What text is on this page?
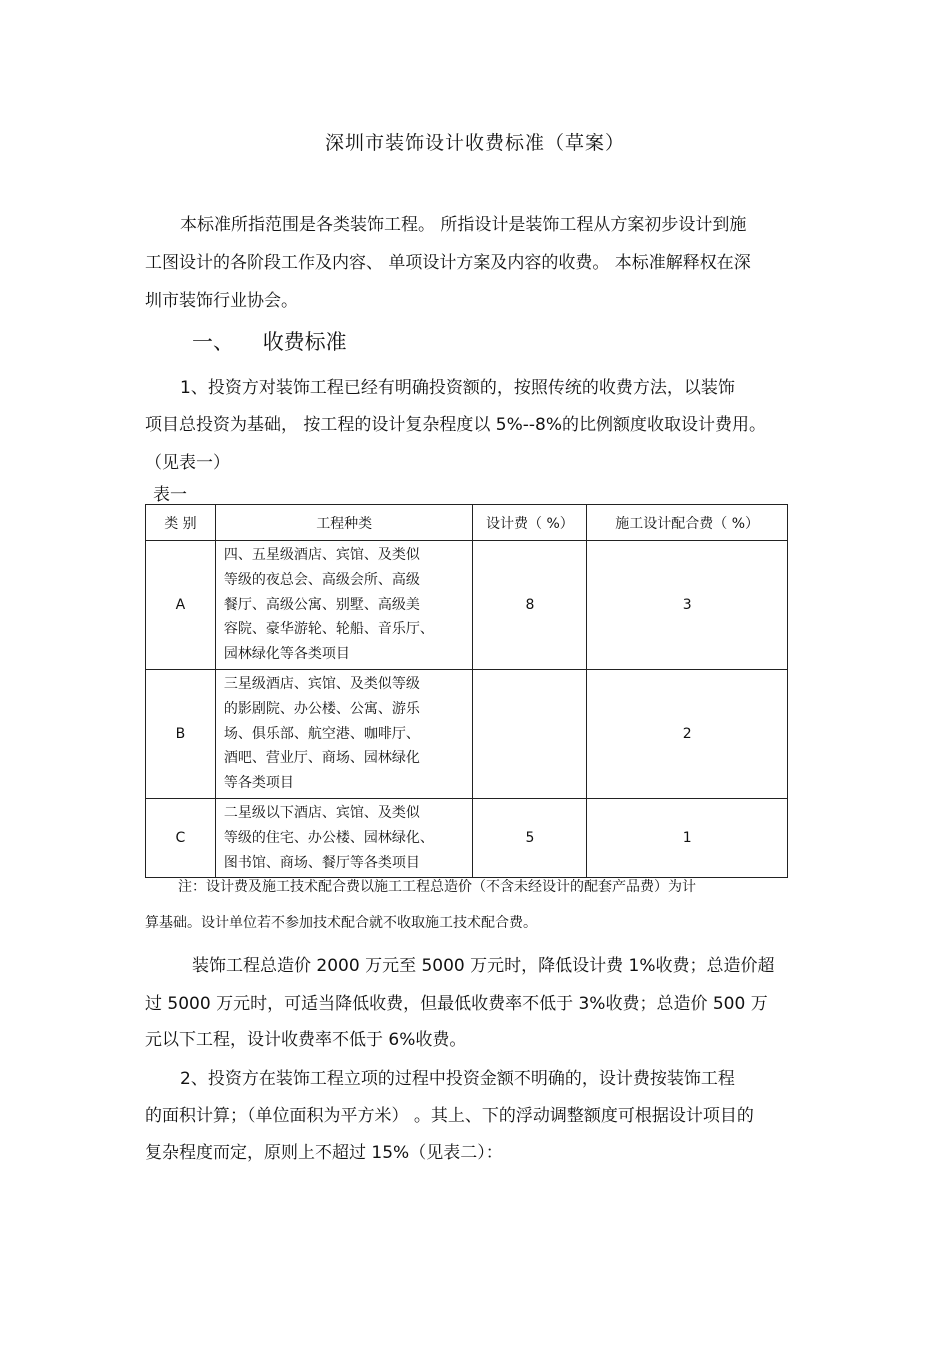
深圳市装饰设计收费标准（草案）
本标准所指范围是各类装饰工程。 所指设计是装饰工程从方案初步设计到施
工图设计的各阶段工作及内容、 单项设计方案及内容的收费。 本标准解释权在深
圳市装饰行业协会。
一、 收费标准
1、投资方对装饰工程已经有明确投资额的，按照传统的收费方法，以装饰
项目总投资为基础， 按工程的设计复杂程度以 5%--8%的比例额度收取设计费用。
（见表一）
表一
类 别	工程种类	设计费（ %）	施工设计配合费（ %）
A	四、五星级酒店、宾馆、及类似
等级的夜总会、高级会所、高级
餐厅、高级公寓、别墅、高级美
容院、豪华游轮、轮船、音乐厅、
园林绿化等各类项目	8	3
B	三星级酒店、宾馆、及类似等级
的影剧院、办公楼、公寓、游乐
场、俱乐部、航空港、咖啡厅、
酒吧、营业厅、商场、园林绿化
等各类项目		2
C	二星级以下酒店、宾馆、及类似
等级的住宅、办公楼、园林绿化、
图书馆、商场、餐厅等各类项目	5	1
注：设计费及施工技术配合费以施工工程总造价（不含未经设计的配套产品费）为计
算基础。设计单位若不参加技术配合就不收取施工技术配合费。
装饰工程总造价 2000 万元至 5000 万元时，降低设计费 1%收费；总造价超
过 5000 万元时，可适当降低收费，但最低收费率不低于 3%收费；总造价 500 万
元以下工程，设计收费率不低于 6%收费。
2、投资方在装饰工程立项的过程中投资金额不明确的，设计费按装饰工程
的面积计算；（单位面积为平方米） 。其上、下的浮动调整额度可根据设计项目的
复杂程度而定，原则上不超过 15%（见表二）：
